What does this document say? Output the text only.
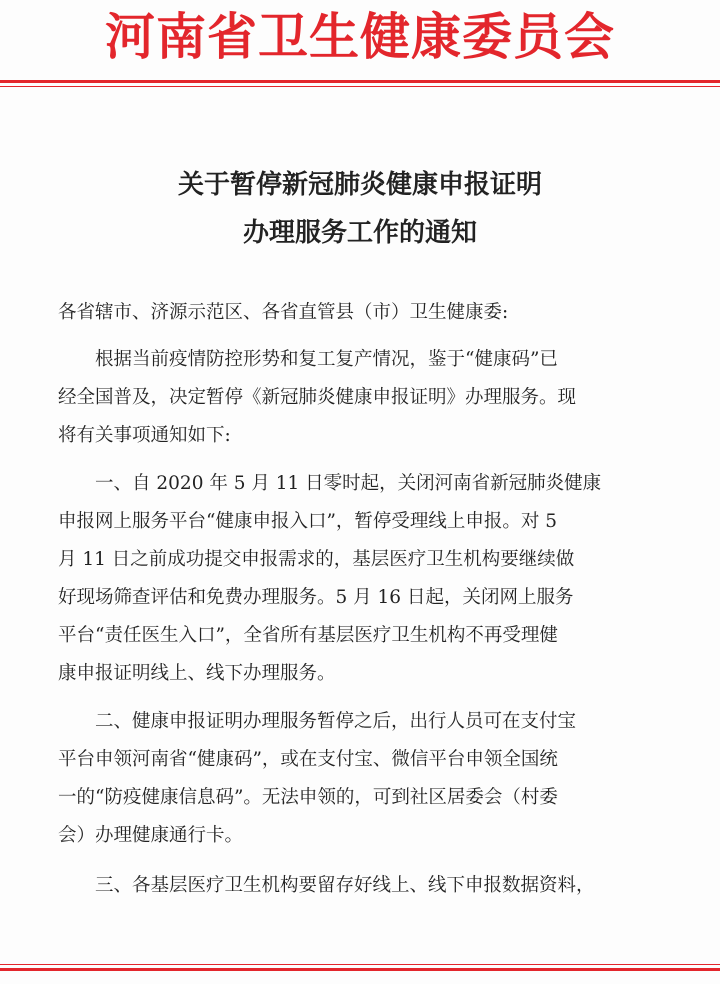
河南省卫生健康委员会
关于暂停新冠肺炎健康申报证明
办理服务工作的通知
各省辖市、济源示范区、各省直管县（市）卫生健康委:
　　根据当前疫情防控形势和复工复产情况，鉴于“健康码”已
经全国普及，决定暂停《新冠肺炎健康申报证明》办理服务。现
将有关事项通知如下:
　　一、自 2020 年 5 月 11 日零时起，关闭河南省新冠肺炎健康
申报网上服务平台“健康申报入口”，暂停受理线上申报。对 5
月 11 日之前成功提交申报需求的，基层医疗卫生机构要继续做
好现场筛查评估和免费办理服务。5 月 16 日起，关闭网上服务
平台“责任医生入口”，全省所有基层医疗卫生机构不再受理健
康申报证明线上、线下办理服务。
　　二、健康申报证明办理服务暂停之后，出行人员可在支付宝
平台申领河南省“健康码”，或在支付宝、微信平台申领全国统
一的“防疫健康信息码”。无法申领的，可到社区居委会（村委
会）办理健康通行卡。
　　三、各基层医疗卫生机构要留存好线上、线下申报数据资料，
